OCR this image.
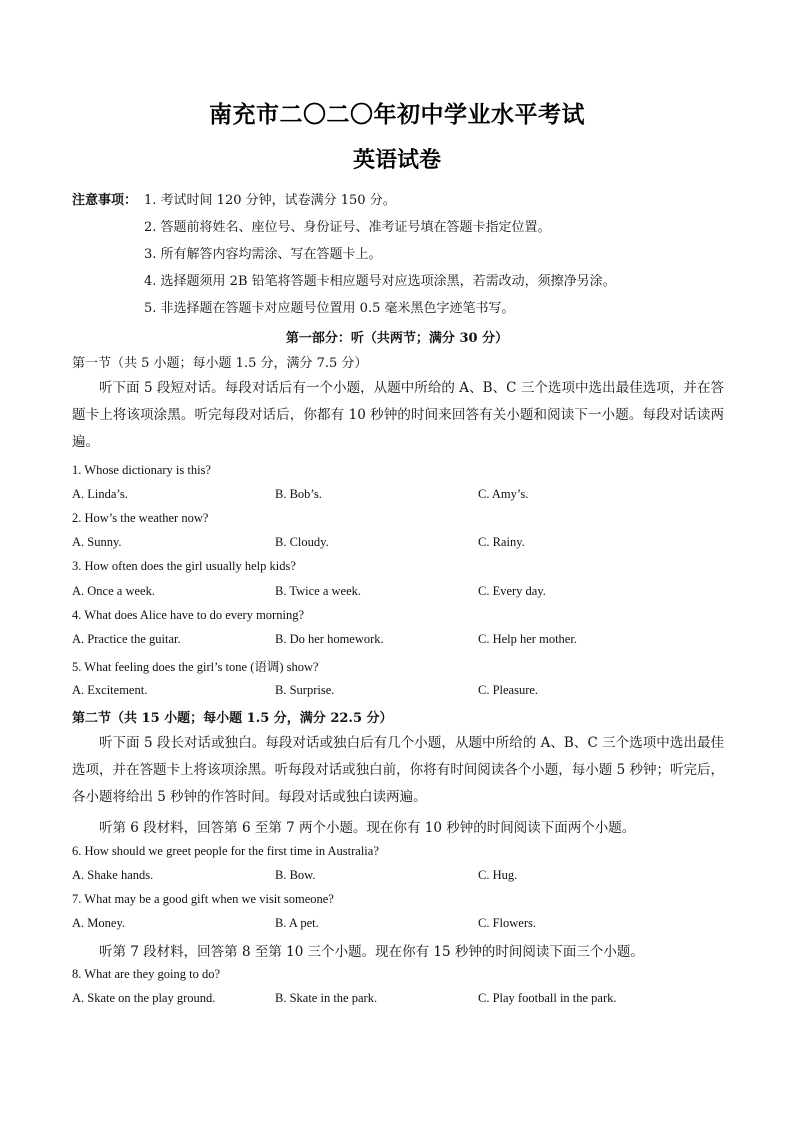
南充市二〇二〇年初中学业水平考试
英语试卷
注意事项： 1. 考试时间 120 分钟，试卷满分 150 分。
2. 答题前将姓名、座位号、身份证号、准考证号填在答题卡指定位置。
3. 所有解答内容均需涂、写在答题卡上。
4. 选择题须用 2B 铅笔将答题卡相应题号对应选项涂黑，若需改动，须擦净另涂。
5. 非选择题在答题卡对应题号位置用 0.5 毫米黑色字迹笔书写。
第一部分：听（共两节；满分 30 分）
第一节（共 5 小题；每小题 1.5 分，满分 7.5 分）
听下面 5 段短对话。每段对话后有一个小题，从题中所给的 A、B、C 三个选项中选出最佳选项，并在答题卡上将该项涂黑。听完每段对话后，你都有 10 秒钟的时间来回答有关小题和阅读下一小题。每段对话读两遍。
1. Whose dictionary is this?
A. Linda’s.	B. Bob’s.	C. Amy’s.
2. How’s the weather now?
A. Sunny.	B. Cloudy.	C. Rainy.
3. How often does the girl usually help kids?
A. Once a week.	B. Twice a week.	C. Every day.
4. What does Alice have to do every morning?
A. Practice the guitar.	B. Do her homework.	C. Help her mother.
5. What feeling does the girl’s tone (语调) show?
A. Excitement.	B. Surprise.	C. Pleasure.
第二节（共 15 小题；每小题 1.5 分，满分 22.5 分）
听下面 5 段长对话或独白。每段对话或独白后有几个小题，从题中所给的 A、B、C 三个选项中选出最佳选项，并在答题卡上将该项涂黑。听每段对话或独白前，你将有时间阅读各个小题，每小题 5 秒钟；听完后，各小题将给出 5 秒钟的作答时间。每段对话或独白读两遍。
听第 6 段材料，回答第 6 至第 7 两个小题。现在你有 10 秒钟的时间阅读下面两个小题。
6. How should we greet people for the first time in Australia?
A. Shake hands.	B. Bow.	C. Hug.
7. What may be a good gift when we visit someone?
A. Money.	B. A pet.	C. Flowers.
听第 7 段材料，回答第 8 至第 10 三个小题。现在你有 15 秒钟的时间阅读下面三个小题。
8. What are they going to do?
A. Skate on the play ground.	B. Skate in the park.	C. Play football in the park.
